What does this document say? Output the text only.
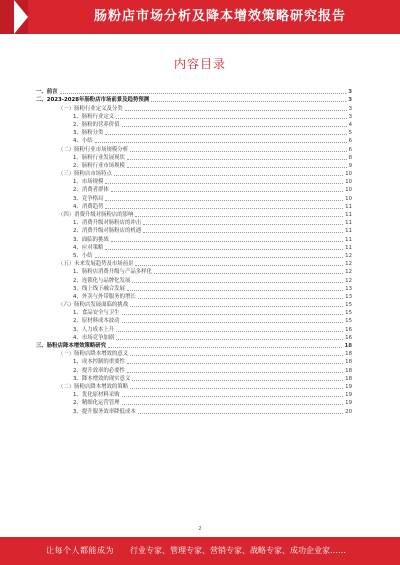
肠粉店市场分析及降本增效策略研究报告
内容目录
一、前言	3
二、2023-2028年肠粉店市场前景及趋势预测	3
（一）肠粉行业定义及分类	3
1、肠粉行业定义	3
2、肠粉的营养价值	4
3、肠粉分类	5
4、小结	6
（二）肠粉行业市场规模分析	6
1、肠粉行业发展现状	8
2、肠粉行业市场规模	9
（三）肠粉店市场特点	10
1、市场规模	10
2、消费者群体	10
3、竞争格局	10
4、消费趋势	11
（四）消费升级对肠粉店的影响	11
1、消费升级对肠粉店的冲击	11
2、消费升级对肠粉店的机遇	11
3、面临的挑战	11
4、应对策略	11
5、小结	12
（五）未来发展趋势及市场前景	12
1、肠粉店消费升级与产品多样化	12
2、连锁化与品牌化发展	12
3、线上线下融合发展	13
4、外卖与外带服务的增长	13
（六）肠粉店发展面临的挑战	15
1、食品安全与卫生	15
2、原材料成本波动	15
3、人力成本上升	16
4、市场竞争加剧	16
三、肠粉店降本增效策略研究	18
（一）肠粉店降本增效的意义	18
1、成本控制的重要性	18
2、提升效率的必要性	18
3、降本增效的现实意义	18
（二）肠粉店降本增效的策略	19
1、优化原材料采购	19
2、精细化运营管理	19
3、提升服务效率降低成本	20
2
让每个人都能成为 行业专家、管理专家、营销专家、战略专家、成功企业家……
